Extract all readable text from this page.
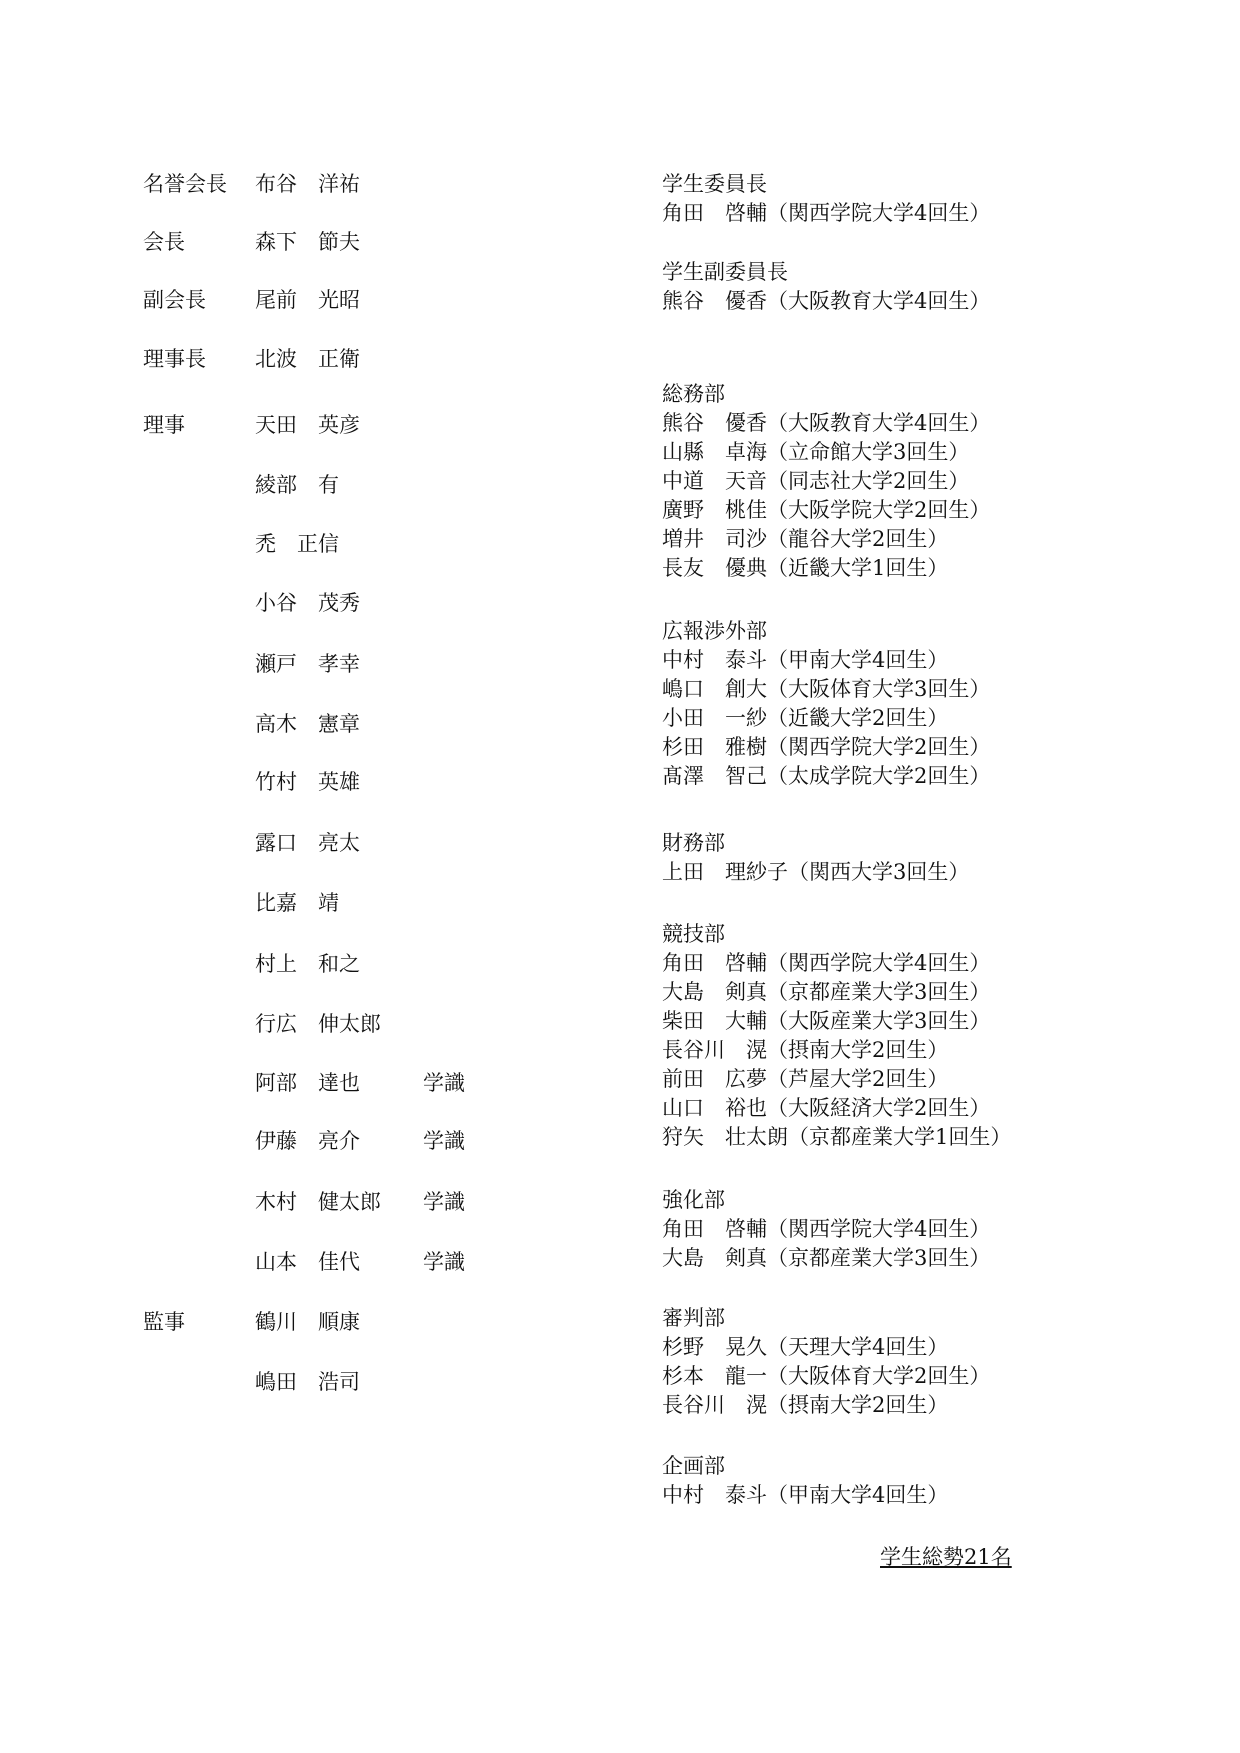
名誉会長 布谷　洋祐
会長	森下　節夫
副会長 尾前　光昭
理事長 北波　正衛
理事	天田　英彦
綾部　有
禿　正信
小谷　茂秀
瀬戸　孝幸
高木　憲章
竹村　英雄
露口　亮太
比嘉　靖
村上　和之
行広　伸太郎
阿部　達也	学識
伊藤　亮介	学識
木村　健太郎 学識
山本　佳代	学識
監事	鶴川　順康
嶋田　浩司
学生委員長
角田　啓輔（関西学院大学4回生）
学生副委員長
熊谷　優香（大阪教育大学4回生）
総務部
熊谷　優香（大阪教育大学4回生）
山縣　卓海（立命館大学3回生）
中道　天音（同志社大学2回生）
廣野　桃佳（大阪学院大学2回生）
増井　司沙（龍谷大学2回生）
長友　優典（近畿大学1回生）
広報渉外部
中村　泰斗（甲南大学4回生）
嶋口　創大（大阪体育大学3回生）
小田　一紗（近畿大学2回生）
杉田　雅樹（関西学院大学2回生）
髙澤　智己（太成学院大学2回生）
財務部
上田　理紗子（関西大学3回生）
競技部
角田　啓輔（関西学院大学4回生）
大島　剣真（京都産業大学3回生）
柴田　大輔（大阪産業大学3回生）
長谷川　滉（摂南大学2回生）
前田　広夢（芦屋大学2回生）
山口　裕也（大阪経済大学2回生）
狩矢　壮太朗（京都産業大学1回生）
強化部
角田　啓輔（関西学院大学4回生）
大島　剣真（京都産業大学3回生）
審判部
杉野　晃久（天理大学4回生）
杉本　龍一（大阪体育大学2回生）
長谷川　滉（摂南大学2回生）
企画部
中村　泰斗（甲南大学4回生）
学生総勢21名
